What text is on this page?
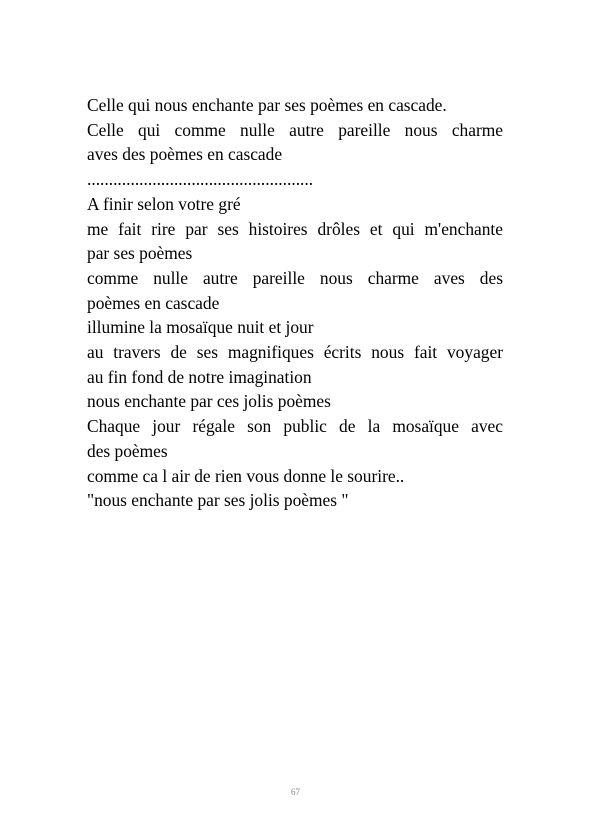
Celle qui nous enchante par ses poèmes en cascade.
Celle qui comme nulle autre pareille nous charme
aves des poèmes en cascade
....................................................
A finir selon votre gré
me fait rire par ses histoires drôles et qui m'enchante
par ses poèmes
comme nulle autre pareille nous charme aves des
poèmes en cascade
illumine la mosaïque nuit et jour
au travers de ses magnifiques écrits nous fait voyager
au fin fond de notre imagination
nous enchante par ces jolis poèmes
Chaque jour régale son public de la mosaïque avec
des poèmes
comme ca l air de rien vous donne le sourire..
"nous enchante par ses jolis poèmes "
67
